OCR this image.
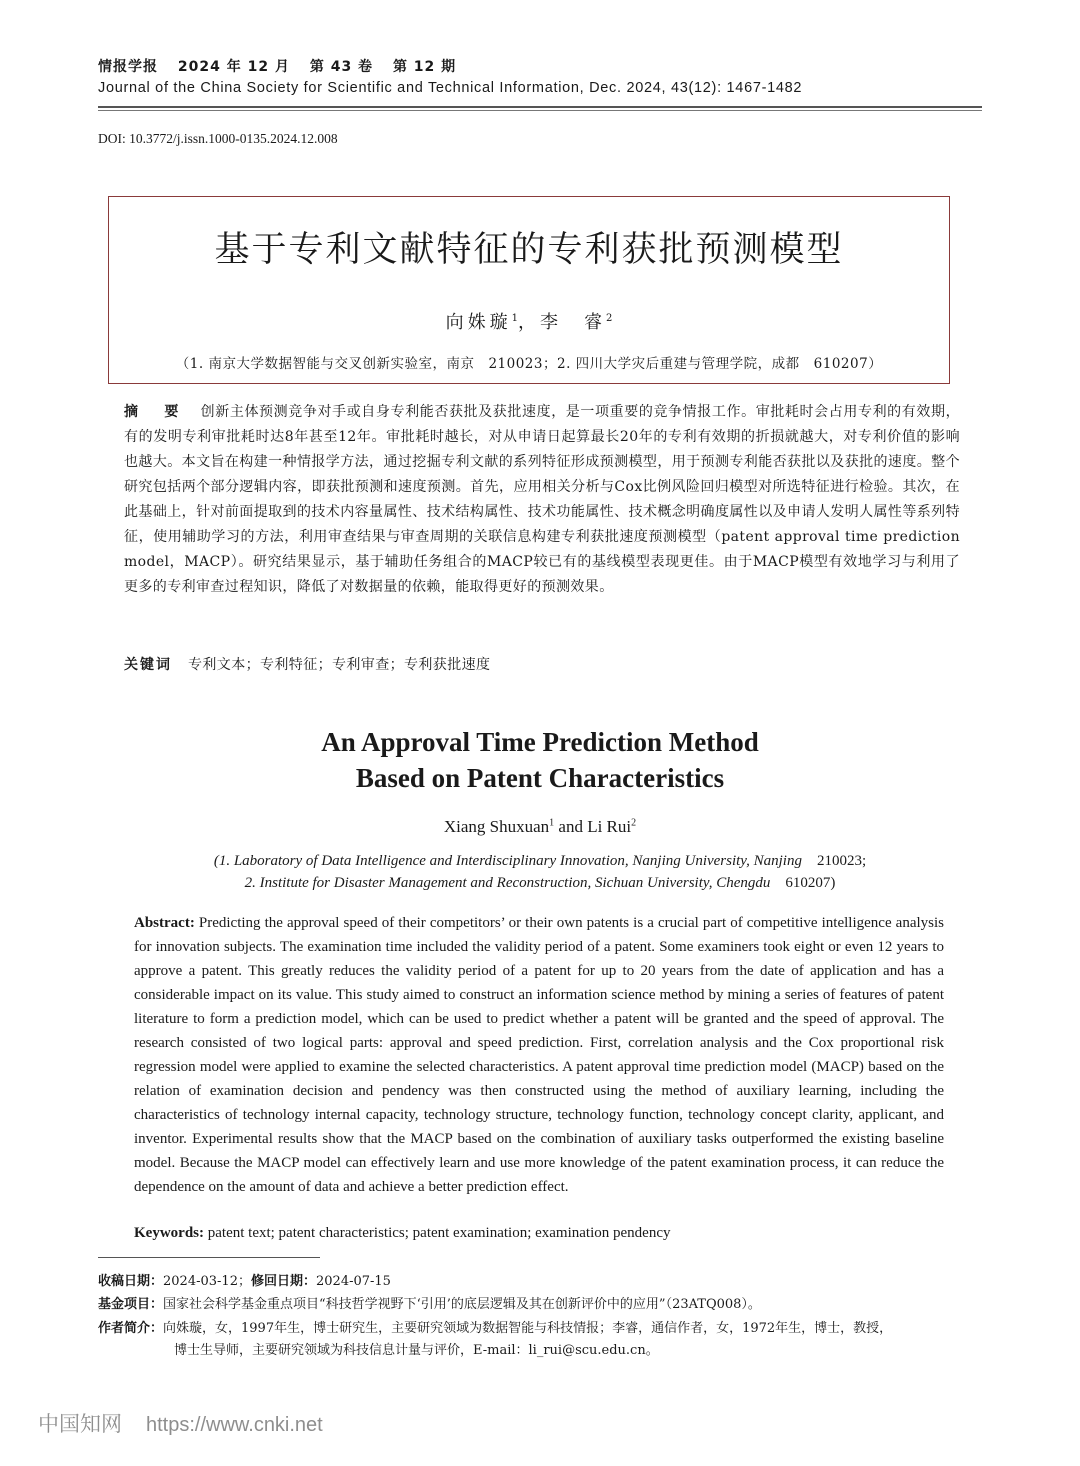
情报学报 2024 年 12 月 第 43 卷 第 12 期
Journal of the China Society for Scientific and Technical Information, Dec. 2024, 43(12): 1467-1482
DOI: 10.3772/j.issn.1000-0135.2024.12.008
基于专利文献特征的专利获批预测模型
向姝璇$^1$，李　睿$^2$
（1. 南京大学数据智能与交叉创新实验室，南京　210023；2. 四川大学灾后重建与管理学院，成都　610207）
摘　要 创新主体预测竞争对手或自身专利能否获批及获批速度，是一项重要的竞争情报工作。审批耗时会占用专利的有效期，有的发明专利审批耗时达8年甚至12年。审批耗时越长，对从申请日起算最长20年的专利有效期的折损就越大，对专利价值的影响也越大。本文旨在构建一种情报学方法，通过挖掘专利文献的系列特征形成预测模型，用于预测专利能否获批以及获批的速度。整个研究包括两个部分逻辑内容，即获批预测和速度预测。首先，应用相关分析与Cox比例风险回归模型对所选特征进行检验。其次，在此基础上，针对前面提取到的技术内容量属性、技术结构属性、技术功能属性、技术概念明确度属性以及申请人发明人属性等系列特征，使用辅助学习的方法，利用审查结果与审查周期的关联信息构建专利获批速度预测模型（patent approval time prediction model，MACP）。研究结果显示，基于辅助任务组合的MACP较已有的基线模型表现更佳。由于MACP模型有效地学习与利用了更多的专利审查过程知识，降低了对数据量的依赖，能取得更好的预测效果。
关键词 专利文本；专利特征；专利审查；专利获批速度
An Approval Time Prediction Method
Based on Patent Characteristics
Xiang Shuxuan$^1$ and Li Rui$^2$
(1. Laboratory of Data Intelligence and Interdisciplinary Innovation, Nanjing University, Nanjing  210023;
2. Institute for Disaster Management and Reconstruction, Sichuan University, Chengdu  610207)
Abstract: Predicting the approval speed of their competitors’ or their own patents is a crucial part of competitive intelligence analysis for innovation subjects. The examination time included the validity period of a patent. Some examiners took eight or even 12 years to approve a patent. This greatly reduces the validity period of a patent for up to 20 years from the date of application and has a considerable impact on its value. This study aimed to construct an information science method by mining a series of features of patent literature to form a prediction model, which can be used to predict whether a patent will be granted and the speed of approval. The research consisted of two logical parts: approval and speed prediction. First, correlation analysis and the Cox proportional risk regression model were applied to examine the selected characteristics. A patent approval time prediction model (MACP) based on the relation of examination decision and pendency was then constructed using the method of auxiliary learning, including the characteristics of technology internal capacity, technology structure, technology function, technology concept clarity, applicant, and inventor. Experimental results show that the MACP based on the combination of auxiliary tasks outperformed the existing baseline model. Because the MACP model can effectively learn and use more knowledge of the patent examination process, it can reduce the dependence on the amount of data and achieve a better prediction effect.
Keywords: patent text; patent characteristics; patent examination; examination pendency
收稿日期：2024-03-12；修回日期：2024-07-15
基金项目：国家社会科学基金重点项目“科技哲学视野下‘引用’的底层逻辑及其在创新评价中的应用”（23ATQ008）。
作者简介：向姝璇，女，1997年生，博士研究生，主要研究领域为数据智能与科技情报；李睿，通信作者，女，1972年生，博士，教授，
博士生导师，主要研究领域为科技信息计量与评价，E-mail：li_rui@scu.edu.cn。
中国知网 https://www.cnki.net
